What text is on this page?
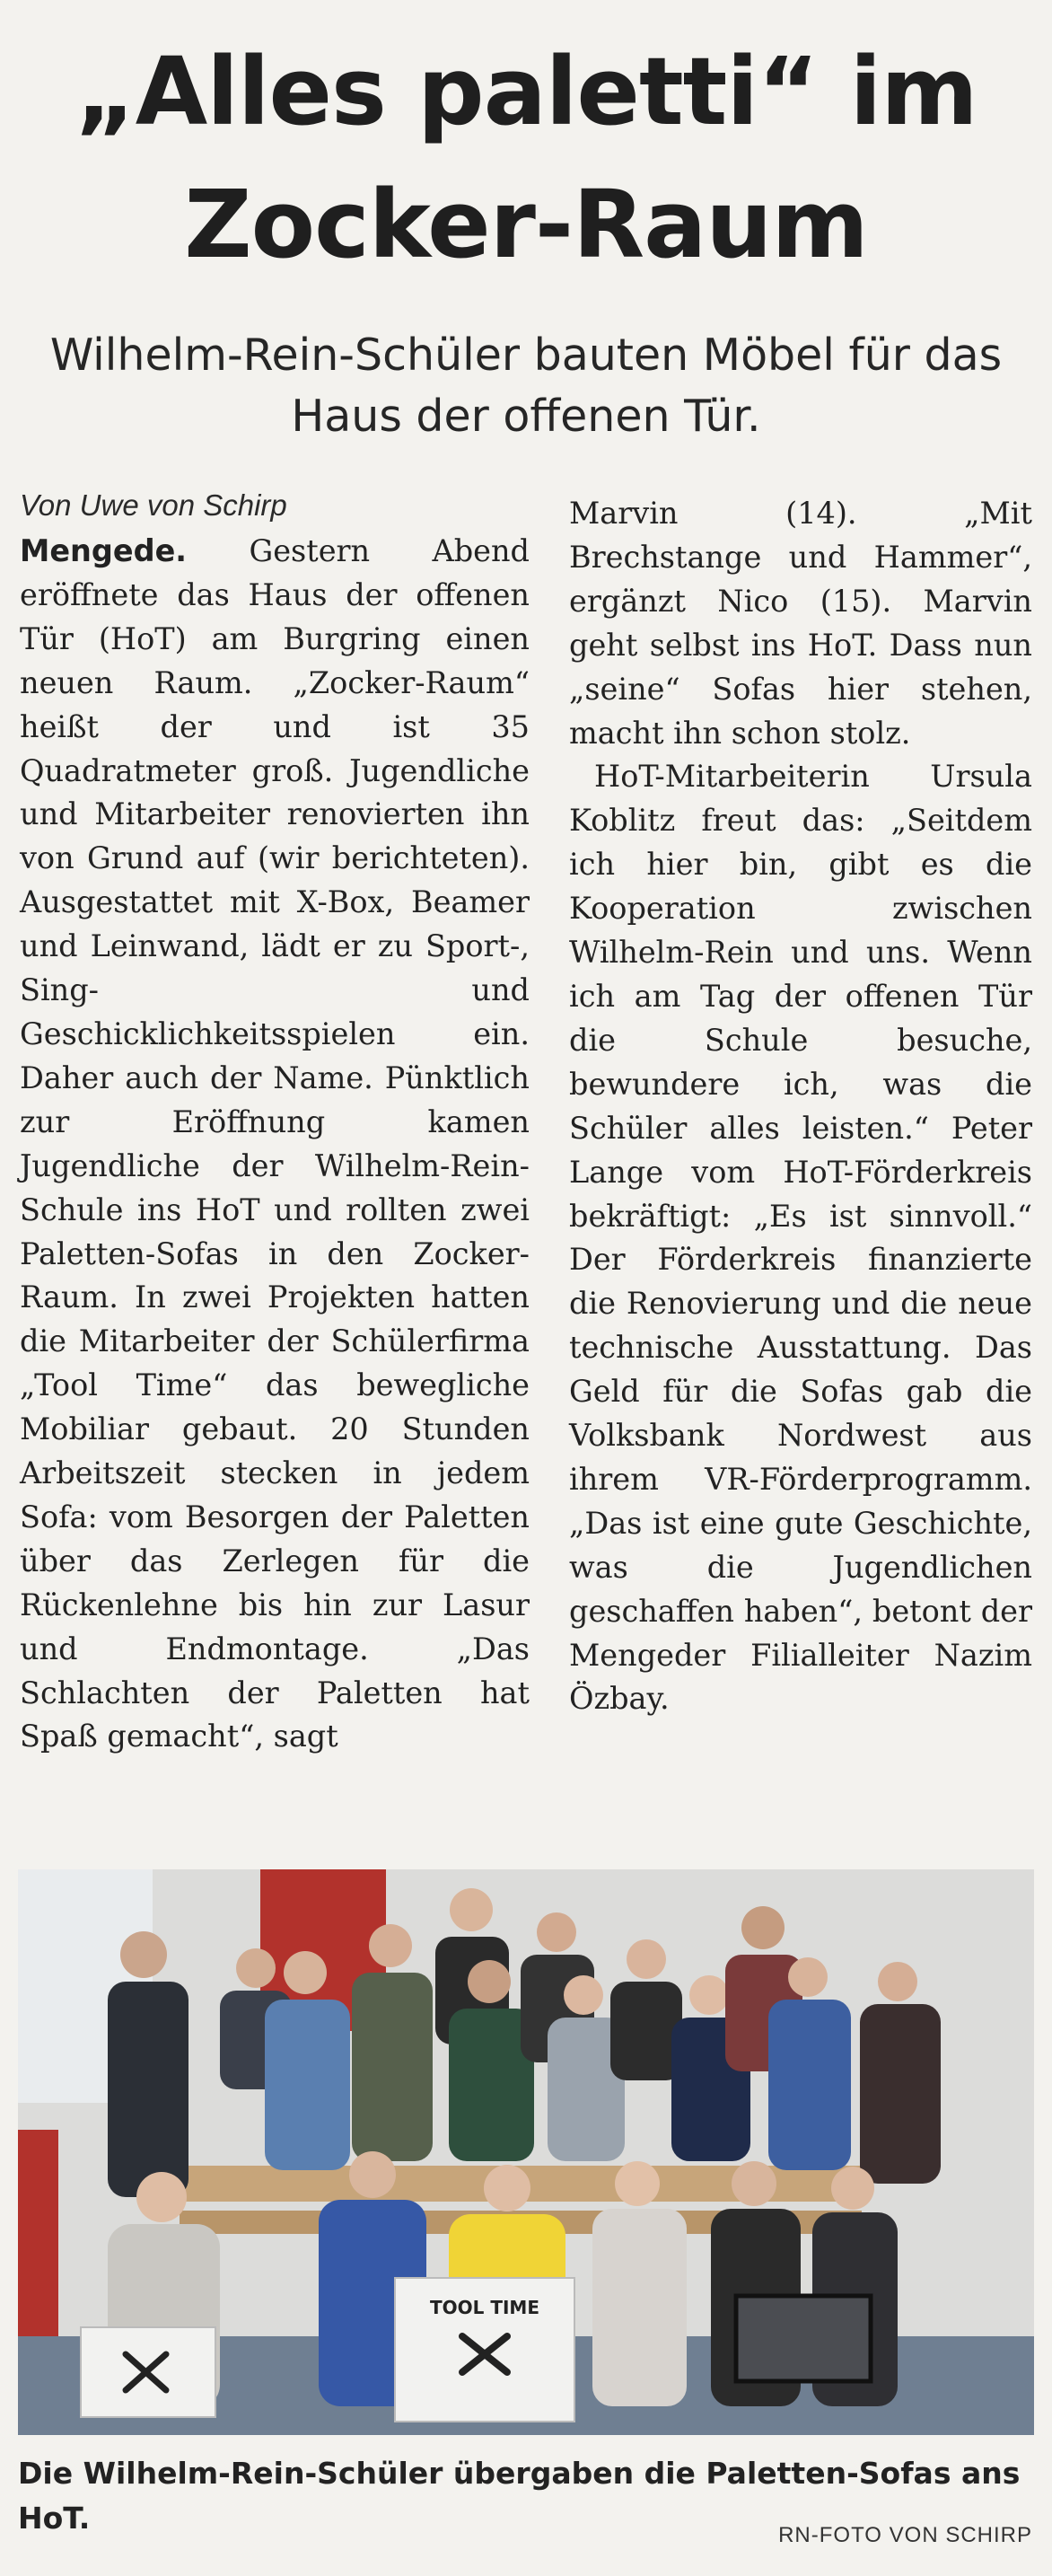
„Alles paletti“ im Zocker-Raum
Wilhelm-Rein-Schüler bauten Möbel für das Haus der offenen Tür.
Von Uwe von Schirp

Mengede. Gestern Abend eröffnete das Haus der offenen Tür (HoT) am Burgring einen neuen Raum. „Zocker-Raum“ heißt der und ist 35 Quadratmeter groß. Jugendliche und Mitarbeiter renovierten ihn von Grund auf (wir berichteten). Ausgestattet mit X-Box, Beamer und Leinwand, lädt er zu Sport-, Sing- und Geschicklichkeitsspielen ein. Daher auch der Name. Pünktlich zur Eröffnung kamen Jugendliche der Wilhelm-Rein-Schule ins HoT und rollten zwei Paletten-Sofas in den Zocker-Raum. In zwei Projekten hatten die Mitarbeiter der Schülerfirma „Tool Time“ das bewegliche Mobiliar gebaut. 20 Stunden Arbeitszeit stecken in jedem Sofa: vom Besorgen der Paletten über das Zerlegen für die Rückenlehne bis hin zur Lasur und Endmontage. „Das Schlachten der Paletten hat Spaß gemacht“, sagt

Marvin (14). „Mit Brechstange und Hammer“, ergänzt Nico (15). Marvin geht selbst ins HoT. Dass nun „seine“ Sofas hier stehen, macht ihn schon stolz.

HoT-Mitarbeiterin Ursula Koblitz freut das: „Seitdem ich hier bin, gibt es die Kooperation zwischen Wilhelm-Rein und uns. Wenn ich am Tag der offenen Tür die Schule besuche, bewundere ich, was die Schüler alles leisten.“ Peter Lange vom HoT-Förderkreis bekräftigt: „Es ist sinnvoll.“ Der Förderkreis finanzierte die Renovierung und die neue technische Ausstattung. Das Geld für die Sofas gab die Volksbank Nordwest aus ihrem VR-Förderprogramm. „Das ist eine gute Geschichte, was die Jugendlichen geschaffen haben“, betont der Mengeder Filialleiter Nazim Özbay.

TOOL TIME

Die Wilhelm-Rein-Schüler übergaben die Paletten-Sofas ans HoT.	RN-FOTO VON SCHIRP
